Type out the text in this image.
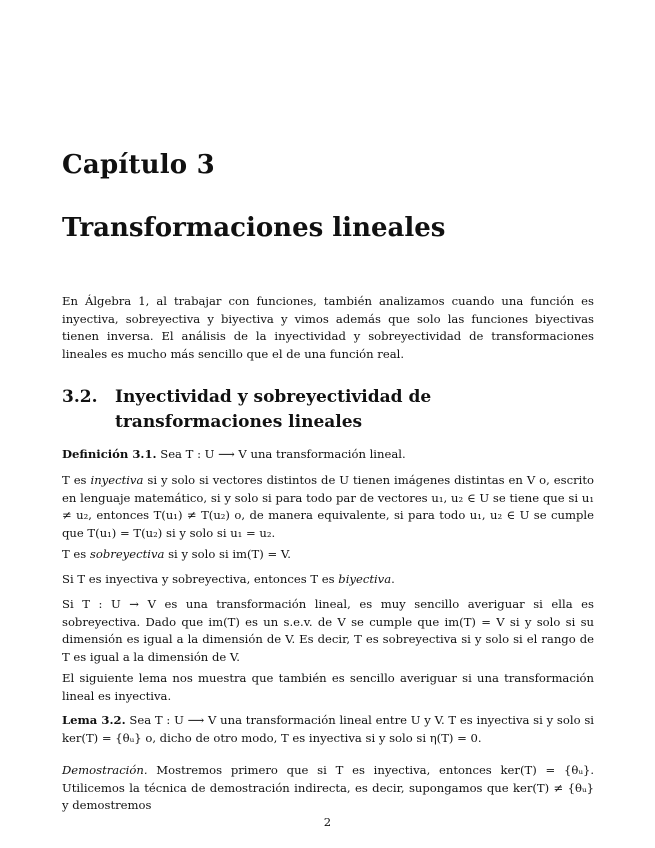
Capítulo 3
Transformaciones lineales

En Álgebra 1, al trabajar con funciones, también analizamos cuando una función es inyectiva, sobreyectiva y biyectiva y vimos además que solo las funciones biyectivas tienen inversa. El análisis de la inyectividad y sobreyectividad de transformaciones lineales es mucho más sencillo que el de una función real.

3.2. Inyectividad y sobreyectividad de transformaciones lineales

Definición 3.1. Sea T : U ⟶ V una transformación lineal.

T es inyectiva si y solo si vectores distintos de U tienen imágenes distintas en V o, escrito en lenguaje matemático, si y solo si para todo par de vectores u₁, u₂ ∈ U se tiene que si u₁ ≠ u₂, entonces T(u₁) ≠ T(u₂) o, de manera equivalente, si para todo u₁, u₂ ∈ U se cumple que T(u₁) = T(u₂) si y solo si u₁ = u₂.

T es sobreyectiva si y solo si im(T) = V.

Si T es inyectiva y sobreyectiva, entonces T es biyectiva.

Si T : U → V es una transformación lineal, es muy sencillo averiguar si ella es sobreyectiva. Dado que im(T) es un s.e.v. de V se cumple que im(T) = V si y solo si su dimensión es igual a la dimensión de V. Es decir, T es sobreyectiva si y solo si el rango de T es igual a la dimensión de V.

El siguiente lema nos muestra que también es sencillo averiguar si una transformación lineal es inyectiva.

Lema 3.2. Sea T : U ⟶ V una transformación lineal entre U y V. T es inyectiva si y solo si ker(T) = {θᵤ} o, dicho de otro modo, T es inyectiva si y solo si η(T) = 0.

Demostración. Mostremos primero que si T es inyectiva, entonces ker(T) = {θᵤ}. Utilicemos la técnica de demostración indirecta, es decir, supongamos que ker(T) ≠ {θᵤ} y demostremos

2
